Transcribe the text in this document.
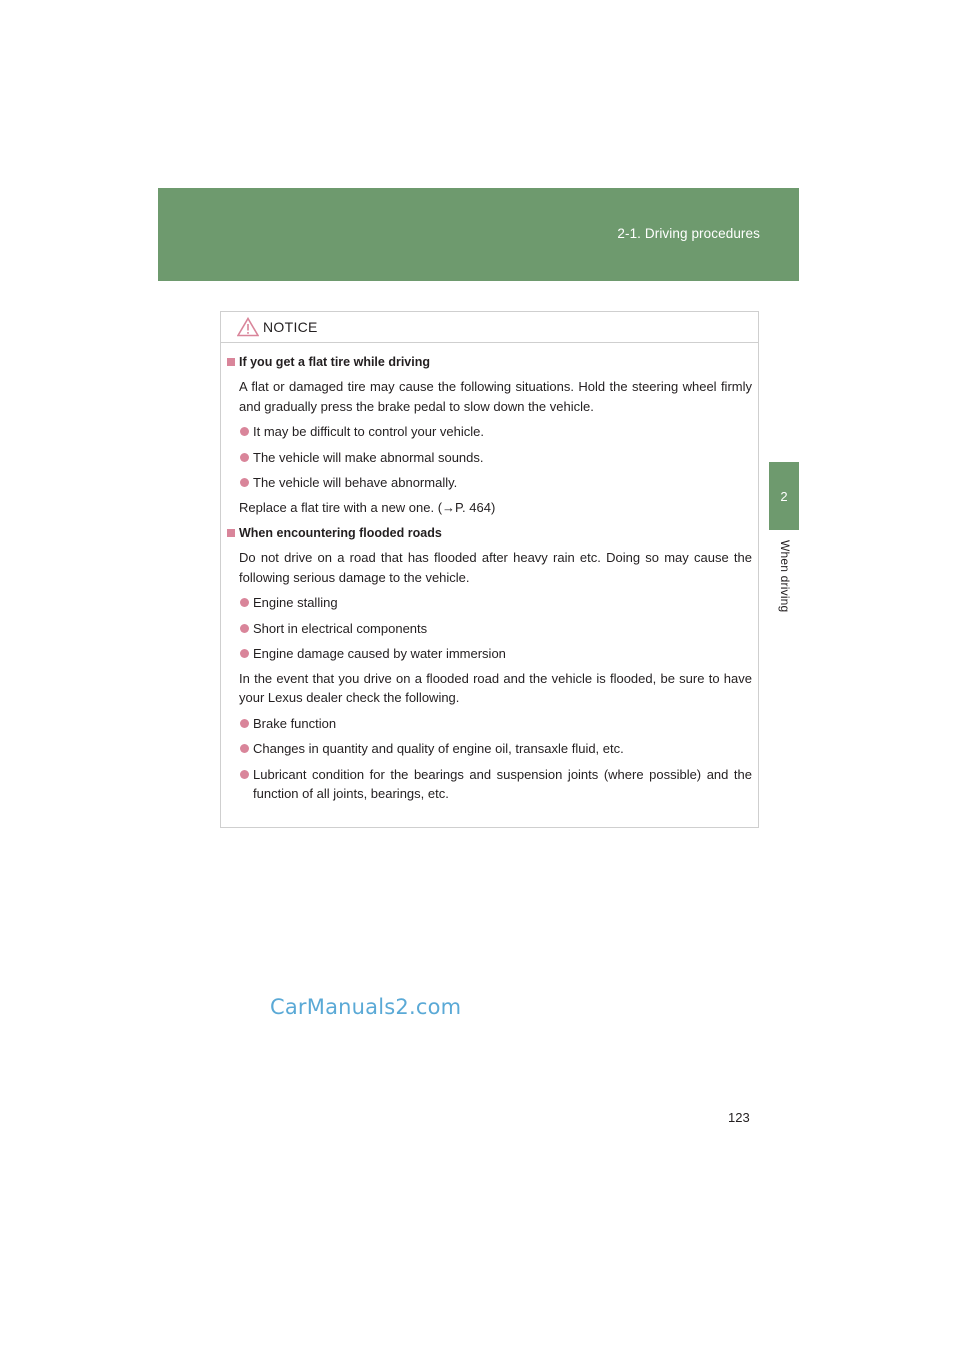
2-1. Driving procedures
2
When driving
NOTICE
If you get a flat tire while driving
A flat or damaged tire may cause the following situations. Hold the steering wheel firmly and gradually press the brake pedal to slow down the vehicle.
It may be difficult to control your vehicle.
The vehicle will make abnormal sounds.
The vehicle will behave abnormally.
Replace a flat tire with a new one. (→P. 464)
When encountering flooded roads
Do not drive on a road that has flooded after heavy rain etc. Doing so may cause the following serious damage to the vehicle.
Engine stalling
Short in electrical components
Engine damage caused by water immersion
In the event that you drive on a flooded road and the vehicle is flooded, be sure to have your Lexus dealer check the following.
Brake function
Changes in quantity and quality of engine oil, transaxle fluid, etc.
Lubricant condition for the bearings and suspension joints (where possible) and the function of all joints, bearings, etc.
CarManuals2.com
123
